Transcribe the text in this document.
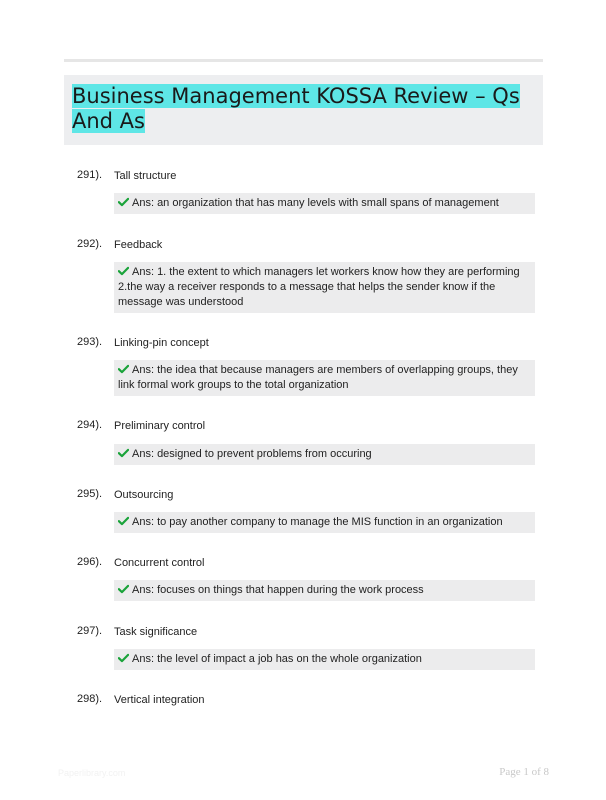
Business Management KOSSA Review – Qs And As
291). Tall structure
Ans: an organization that has many levels with small spans of management
292). Feedback
Ans: 1. the extent to which managers let workers know how they are performing 2.the way a receiver responds to a message that helps the sender know if the message was understood
293). Linking-pin concept
Ans: the idea that because managers are members of overlapping groups, they link formal work groups to the total organization
294). Preliminary control
Ans: designed to prevent problems from occuring
295). Outsourcing
Ans: to pay another company to manage the MIS function in an organization
296). Concurrent control
Ans: focuses on things that happen during the work process
297). Task significance
Ans: the level of impact a job has on the whole organization
298). Vertical integration
Paperlibrary.com	Page 1 of 8
